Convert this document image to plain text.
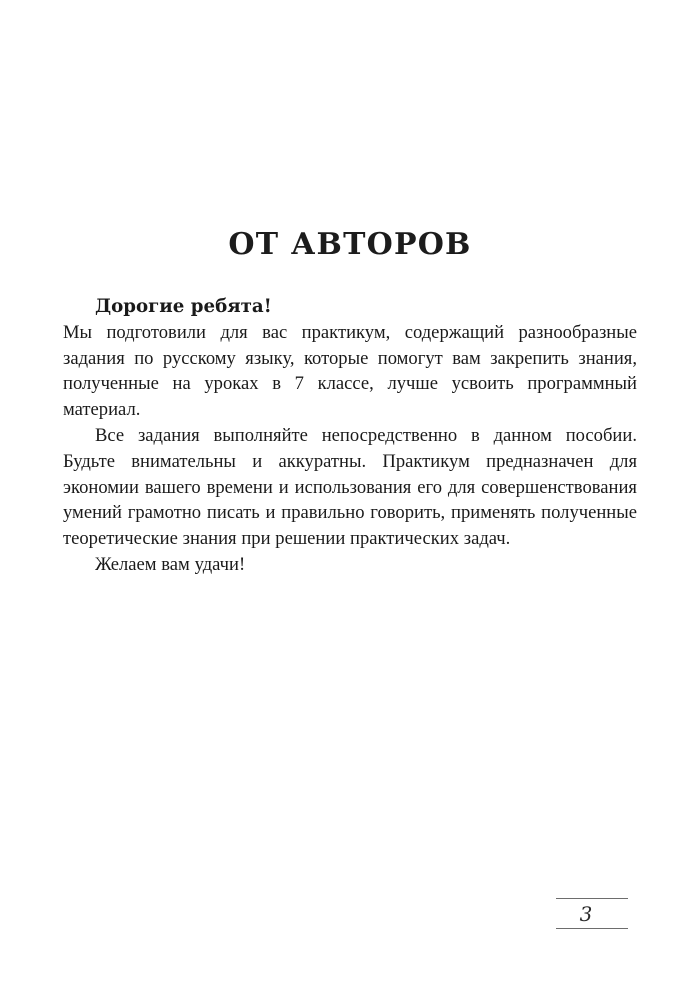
ОТ АВТОРОВ

Дорогие ребята!
Мы подготовили для вас практикум, содержащий разнообразные задания по русскому языку, которые помогут вам закрепить знания, полученные на уроках в 7 классе, лучше усвоить программный материал.

Все задания выполняйте непосредственно в данном пособии. Будьте внимательны и аккуратны. Практикум предназначен для экономии вашего времени и использования его для совершенствования умений грамотно писать и правильно говорить, применять полученные теоретические знания при решении практических задач.

Желаем вам удачи!

3
